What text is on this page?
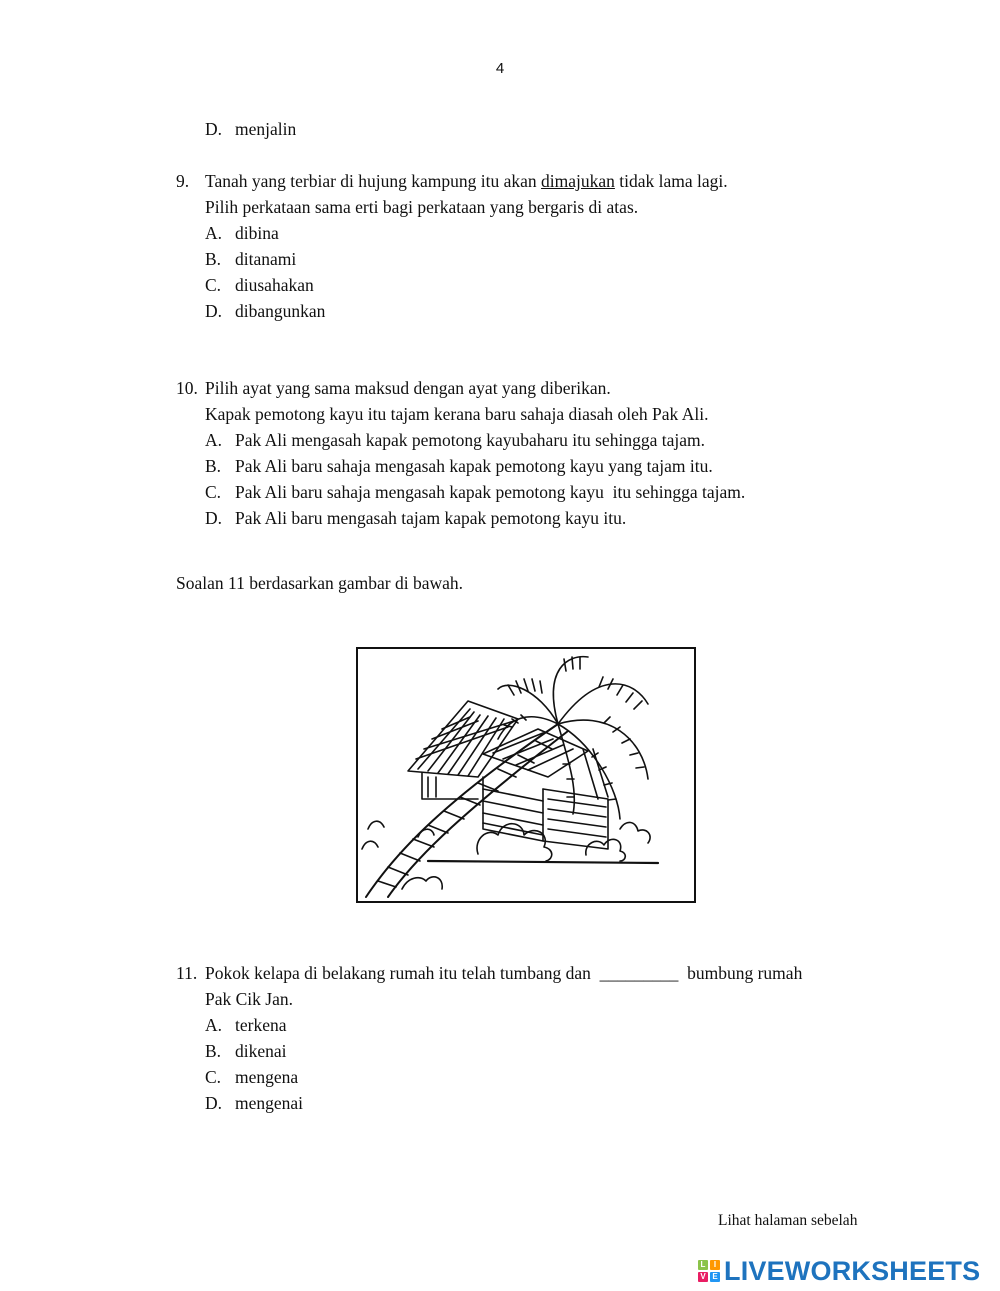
4
D. menjalin
9. Tanah yang terbiar di hujung kampung itu akan dimajukan tidak lama lagi.
Pilih perkataan sama erti bagi perkataan yang bergaris di atas.
A. dibina
B. ditanami
C. diusahakan
D. dibangunkan
10. Pilih ayat yang sama maksud dengan ayat yang diberikan.
Kapak pemotong kayu itu tajam kerana baru sahaja diasah oleh Pak Ali.
A. Pak Ali mengasah kapak pemotong kayubaharu itu sehingga tajam.
B. Pak Ali baru sahaja mengasah kapak pemotong kayu yang tajam itu.
C. Pak Ali baru sahaja mengasah kapak pemotong kayu  itu sehingga tajam.
D. Pak Ali baru mengasah tajam kapak pemotong kayu itu.
Soalan 11 berdasarkan gambar di bawah.
11. Pokok kelapa di belakang rumah itu telah tumbang dan  _________  bumbung rumah
Pak Cik Jan.
A. terkena
B. dikenai
C. mengena
D. mengenai
Lihat halaman sebelah
L	I
V E LIVEWORKSHEETS
